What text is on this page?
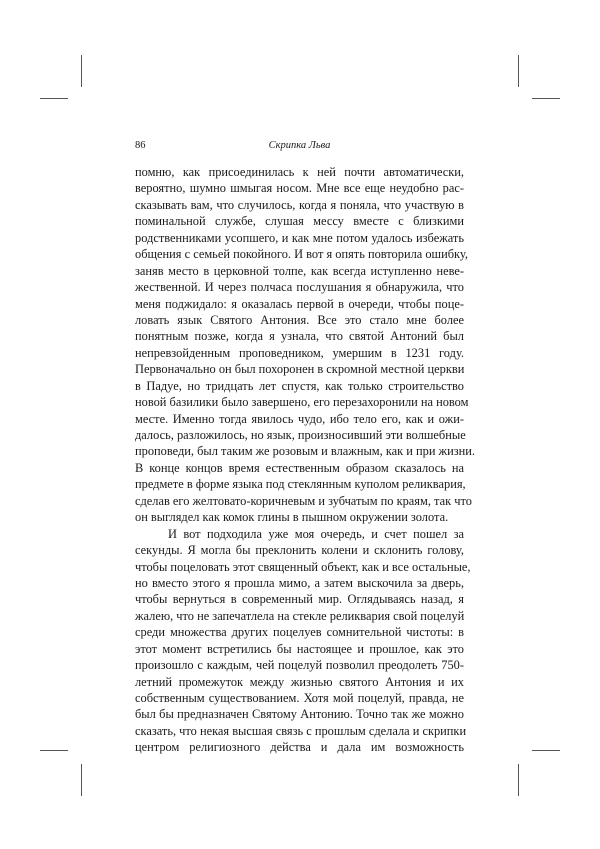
86	Скрипка Льва
помню, как присоединилась к ней почти автоматически,
вероятно, шумно шмыгая носом. Мне все еще неудобно рас-
сказывать вам, что случилось, когда я поняла, что участвую в
поминальной службе, слушая мессу вместе с близкими
родственниками усопшего, и как мне потом удалось избежать
общения с семьей покойного. И вот я опять повторила ошибку,
заняв место в церковной толпе, как всегда иступленно неве-
жественной. И через полчаса послушания я обнаружила, что
меня поджидало: я оказалась первой в очереди, чтобы поце-
ловать язык Святого Антония. Все это стало мне более
понятным позже, когда я узнала, что святой Антоний был
непревзойденным проповедником, умершим в 1231 году.
Первоначально он был похоронен в скромной местной церкви
в Падуе, но тридцать лет спустя, как только строительство
новой базилики было завершено, его перезахоронили на новом
месте. Именно тогда явилось чудо, ибо тело его, как и ожи-
далось, разложилось, но язык, произносивший эти волшебные
проповеди, был таким же розовым и влажным, как и при жизни.
В конце концов время естественным образом сказалось на
предмете в форме языка под стеклянным куполом реликвария,
сделав его желтовато-коричневым и зубчатым по краям, так что
он выглядел как комок глины в пышном окружении золота.
И вот подходила уже моя очередь, и счет пошел за
секунды. Я могла бы преклонить колени и склонить голову,
чтобы поцеловать этот священный объект, как и все остальные,
но вместо этого я прошла мимо, а затем выскочила за дверь,
чтобы вернуться в современный мир. Оглядываясь назад, я
жалею, что не запечатлела на стекле реликвария свой поцелуй
среди множества других поцелуев сомнительной чистоты: в
этот момент встретились бы настоящее и прошлое, как это
произошло с каждым, чей поцелуй позволил преодолеть 750-
летний промежуток между жизнью святого Антония и их
собственным существованием. Хотя мой поцелуй, правда, не
был бы предназначен Святому Антонию. Точно так же можно
сказать, что некая высшая связь с прошлым сделала и скрипки
центром религиозного действа и дала им возможность
